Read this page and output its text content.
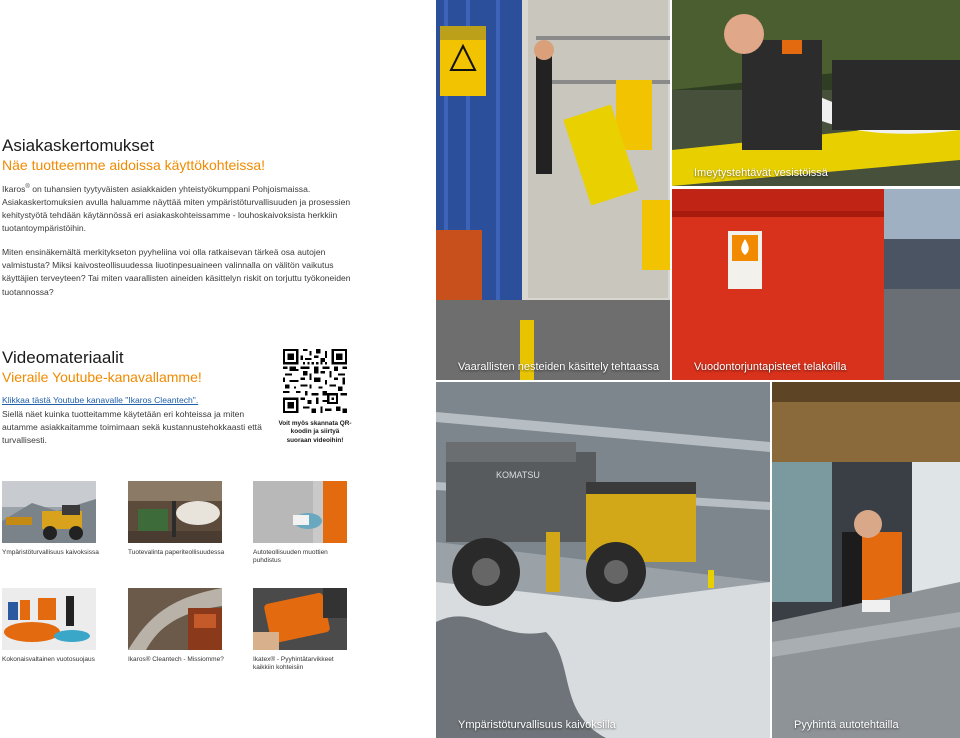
Asiakaskertomukset
Näe tuotteemme aidoissa käyttökohteissa!

Ikaros® on tuhansien tyytyväisten asiakkaiden yhteistyökumppani Pohjoismaissa. Asiakaskertomuksien avulla haluamme näyttää miten ympäristöturvallisuuden ja prosessien kehitystyötä tehdään käytännössä eri asiakaskohteissamme - louhoskaivoksista herkkiin tuotantoympäristöihin.

Miten ensinäkemältä merkitykseton pyyheliina voi olla ratkaisevan tärkeä osa autojen valmistusta? Miksi kaivosteollisuudessa liuotinpesuaineen valinnalla on välitön vaikutus käyttäjien terveyteen? Tai miten vaarallisten aineiden käsittelyn riskit on torjuttu työkoneiden tuotannossa?

Videomateriaalit
Vieraile Youtube-kanavallamme!
Klikkaa tästä Youtube kanavalle "Ikaros Cleantech".

Siellä näet kuinka tuotteitamme käytetään eri kohteissa ja miten autamme asiakkaitamme toimimaan sekä kustannustehokkaasti että turvallisesti.

Voit myös skannata QR-koodin ja siirtyä suoraan videoihin!
Ympäristöturvallisuus kaivoksissa	Tuotevalinta paperiteollisuudessa	Autoteollisuuden muottien puhdistus
Kokonaisvaltainen vuotosuojaus	Ikaros® Cleantech - Missiomme?	Ikatex® - Pyyhintätarvikkeet kaikkiin kohteisiin
Vaarallisten nesteiden käsittely tehtaassa
Imeytystehtävät vesistöissä
Vuodontorjuntapisteet telakoilla
KOMATSU
Ympäristöturvallisuus kaivoksilla	Pyyhintä autotehtailla
